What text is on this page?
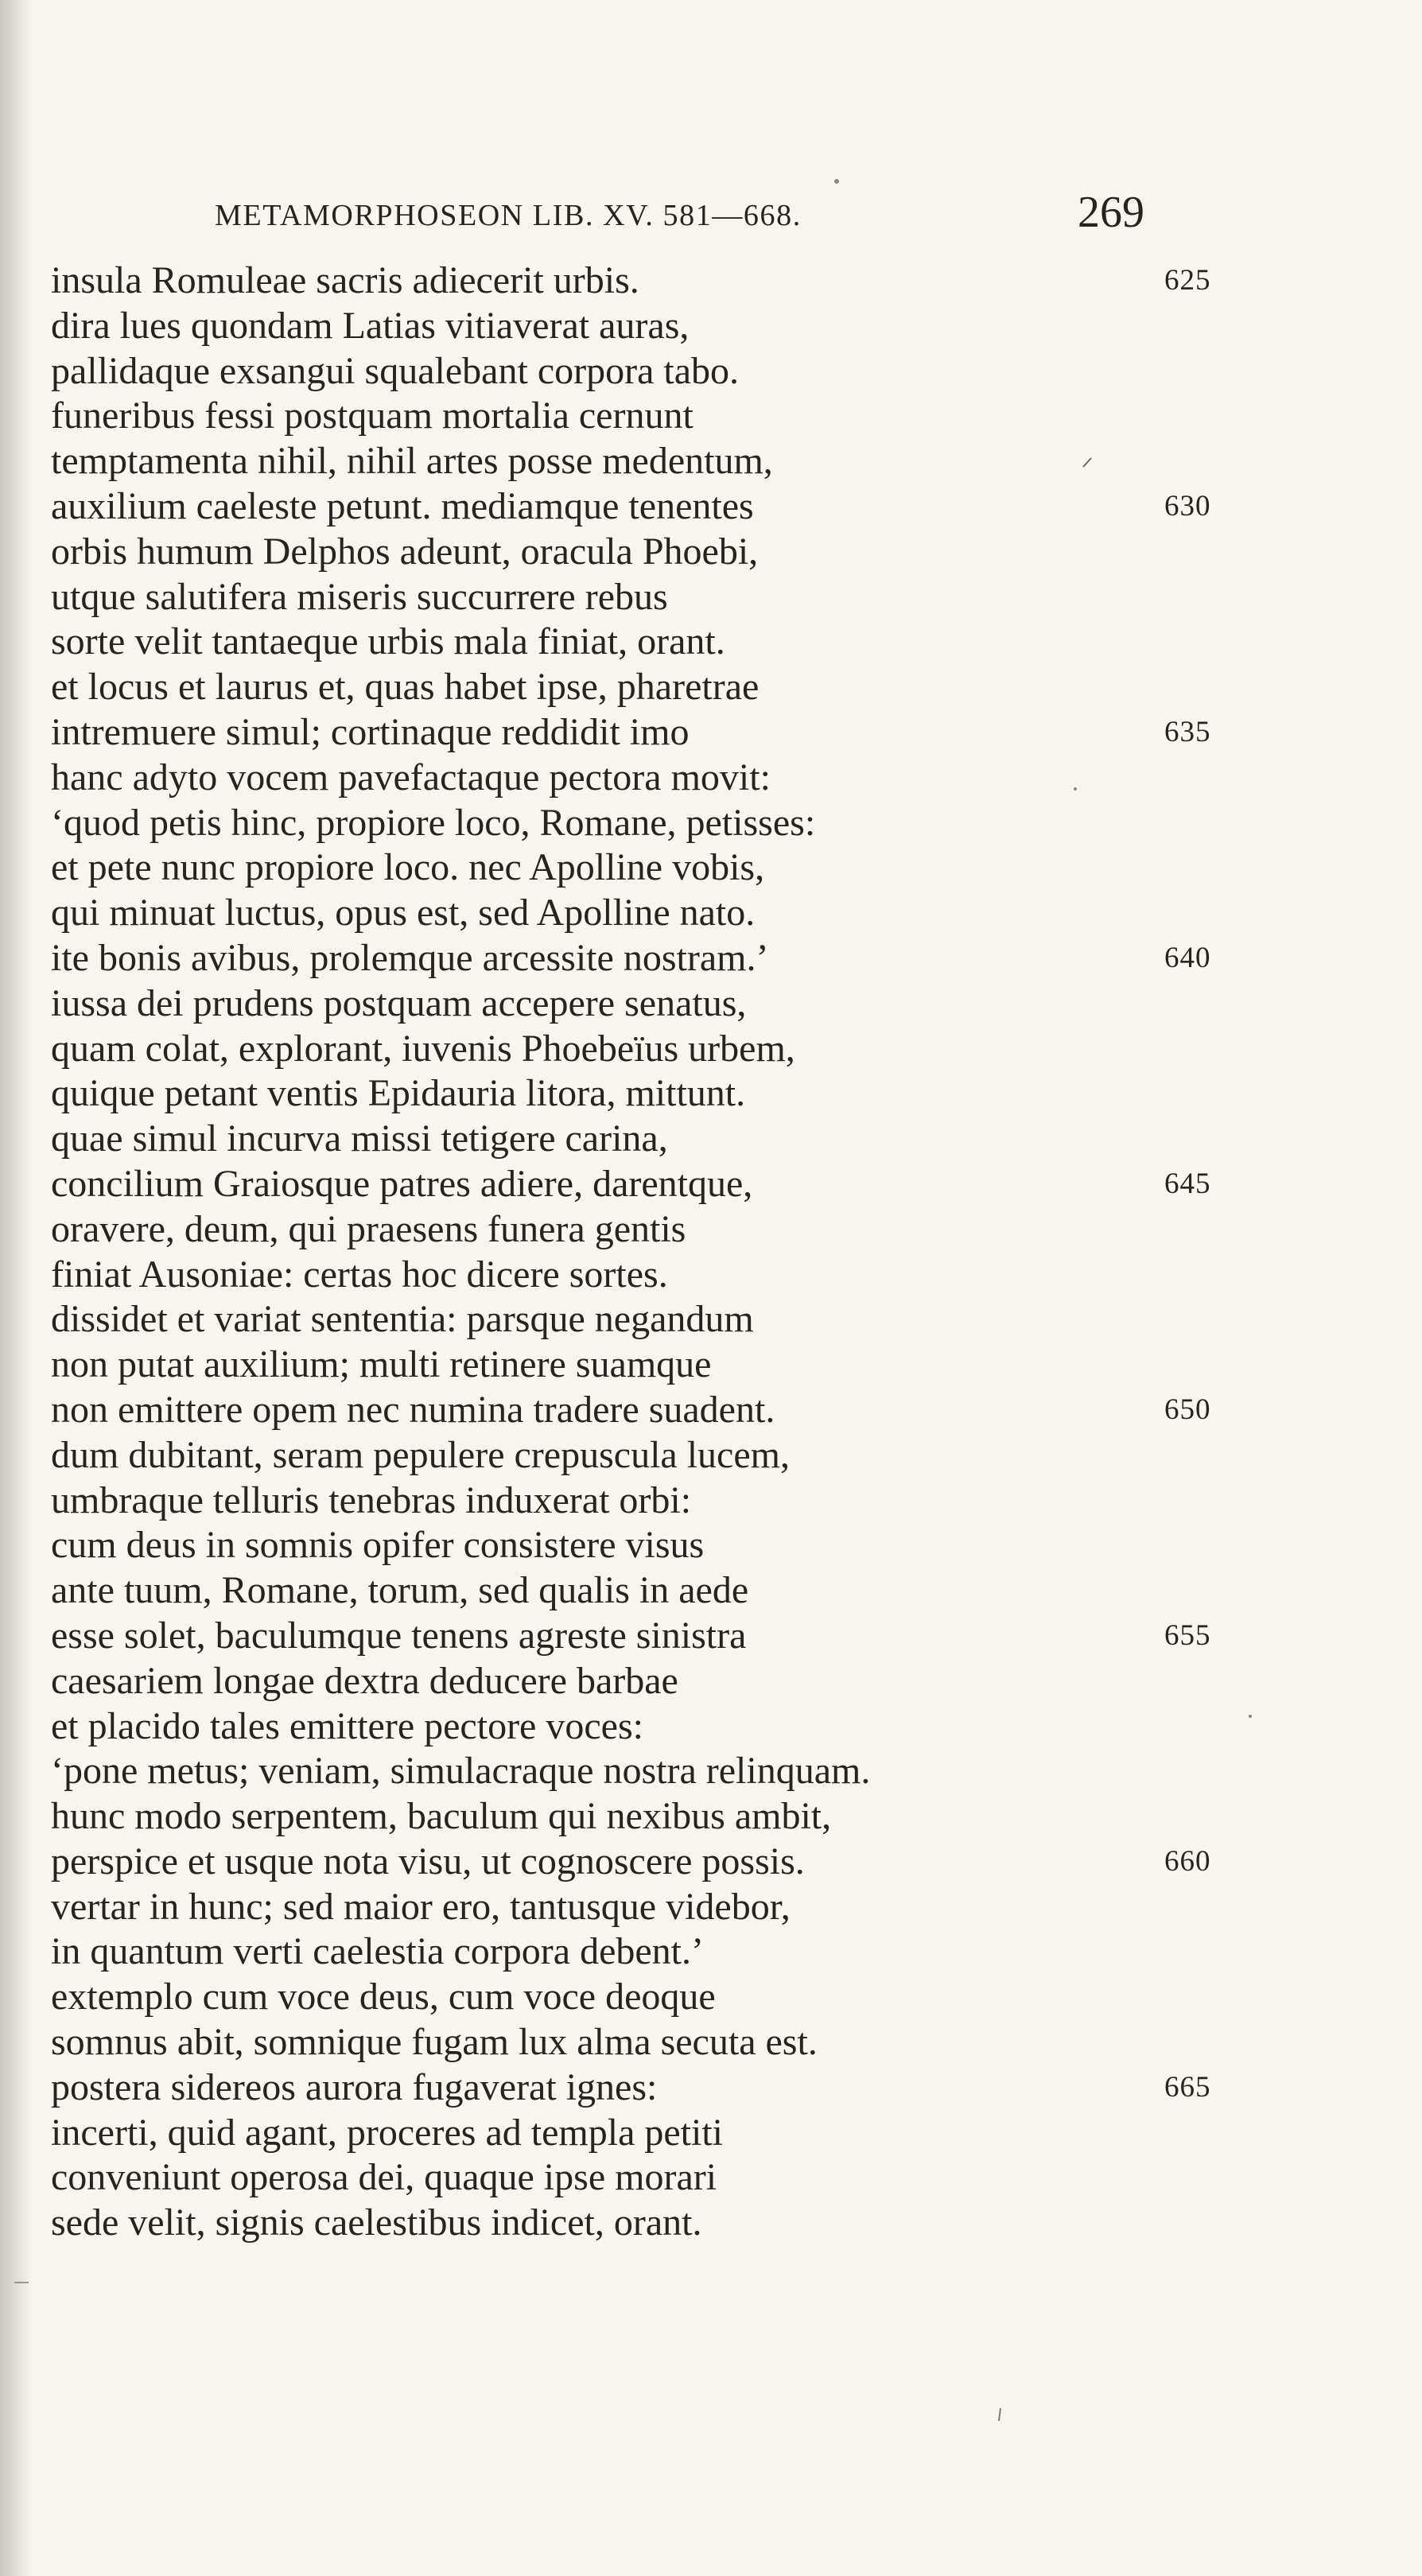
METAMORPHOSEON LIB. XV. 581—668.	269
insula Romuleae sacris adiecerit urbis.	625
dira lues quondam Latias vitiaverat auras,
pallidaque exsangui squalebant corpora tabo.
funeribus fessi postquam mortalia cernunt
temptamenta nihil, nihil artes posse medentum,
auxilium caeleste petunt. mediamque tenentes	630
orbis humum Delphos adeunt, oracula Phoebi,
utque salutifera miseris succurrere rebus
sorte velit tantaeque urbis mala finiat, orant.
et locus et laurus et, quas habet ipse, pharetrae
intremuere simul; cortinaque reddidit imo	635
hanc adyto vocem pavefactaque pectora movit:
‘quod petis hinc, propiore loco, Romane, petisses:
et pete nunc propiore loco. nec Apolline vobis,
qui minuat luctus, opus est, sed Apolline nato.
ite bonis avibus, prolemque arcessite nostram.’	640
iussa dei prudens postquam accepere senatus,
quam colat, explorant, iuvenis Phoebeïus urbem,
quique petant ventis Epidauria litora, mittunt.
quae simul incurva missi tetigere carina,
concilium Graiosque patres adiere, darentque,	645
oravere, deum, qui praesens funera gentis
finiat Ausoniae: certas hoc dicere sortes.
dissidet et variat sententia: parsque negandum
non putat auxilium; multi retinere suamque
non emittere opem nec numina tradere suadent.	650
dum dubitant, seram pepulere crepuscula lucem,
umbraque telluris tenebras induxerat orbi:
cum deus in somnis opifer consistere visus
ante tuum, Romane, torum, sed qualis in aede
esse solet, baculumque tenens agreste sinistra	655
caesariem longae dextra deducere barbae
et placido tales emittere pectore voces:
‘pone metus; veniam, simulacraque nostra relinquam.
hunc modo serpentem, baculum qui nexibus ambit,
perspice et usque nota visu, ut cognoscere possis.	660
vertar in hunc; sed maior ero, tantusque videbor,
in quantum verti caelestia corpora debent.’
extemplo cum voce deus, cum voce deoque
somnus abit, somnique fugam lux alma secuta est.
postera sidereos aurora fugaverat ignes:	665
incerti, quid agant, proceres ad templa petiti
conveniunt operosa dei, quaque ipse morari
sede velit, signis caelestibus indicet, orant.
